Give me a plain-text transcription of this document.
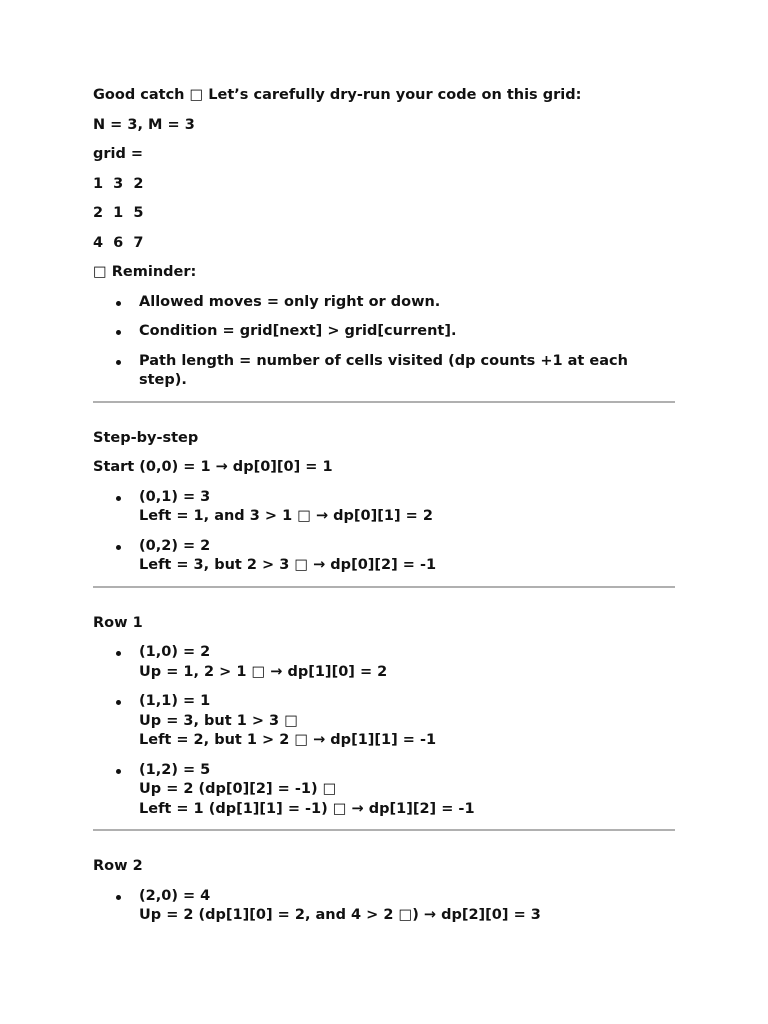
Good catch □ Let’s carefully dry-run your code on this grid:
N = 3, M = 3
grid =
1  3  2
2  1  5
4  6  7
□ Reminder:
Allowed moves = only right or down.
Condition = grid[next] > grid[current].
Path length = number of cells visited (dp counts +1 at each step).
Step-by-step
Start (0,0) = 1 → dp[0][0] = 1
(0,1) = 3
Left = 1, and 3 > 1 □ → dp[0][1] = 2
(0,2) = 2
Left = 3, but 2 > 3 □ → dp[0][2] = -1
Row 1
(1,0) = 2
Up = 1, 2 > 1 □ → dp[1][0] = 2
(1,1) = 1
Up = 3, but 1 > 3 □
Left = 2, but 1 > 2 □ → dp[1][1] = -1
(1,2) = 5
Up = 2 (dp[0][2] = -1) □
Left = 1 (dp[1][1] = -1) □ → dp[1][2] = -1
Row 2
(2,0) = 4
Up = 2 (dp[1][0] = 2, and 4 > 2 □) → dp[2][0] = 3
